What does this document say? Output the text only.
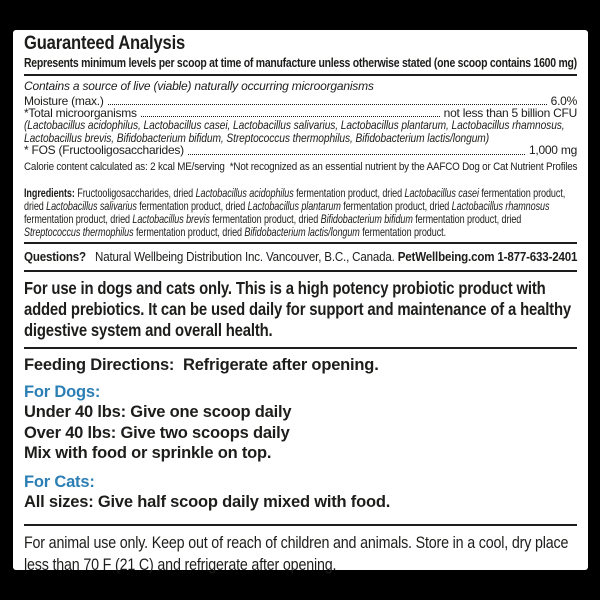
Guaranteed Analysis
Represents minimum levels per scoop at time of manufacture unless otherwise stated (one scoop contains 1600 mg)
Contains a source of live (viable) naturally occurring microorganisms
Moisture (max.)	6.0%
*Total microorganisms	not less than 5 billion CFU
(Lactobacillus acidophilus, Lactobacillus casei, Lactobacillus salivarius, Lactobacillus plantarum, Lactobacillus rhamnosus, Lactobacillus brevis, Bifidobacterium bifidum, Streptococcus thermophilus, Bifidobacterium lactis/longum)
* FOS (Fructooligosaccharides)	1,000 mg
Calorie content calculated as: 2 kcal ME/serving  *Not recognized as an essential nutrient by the AAFCO Dog or Cat Nutrient Profiles
Ingredients: Fructooligosaccharides, dried Lactobacillus acidophilus fermentation product, dried Lactobacillus casei fermentation product, dried Lactobacillus salivarius fermentation product, dried Lactobacillus plantarum fermentation product, dried Lactobacillus rhamnosus fermentation product, dried Lactobacillus brevis fermentation product, dried Bifidobacterium bifidum fermentation product, dried Streptococcus thermophilus fermentation product, dried Bifidobacterium lactis/longum fermentation product.
Questions?   Natural Wellbeing Distribution Inc. Vancouver, B.C., Canada. PetWellbeing.com 1-877-633-2401
For use in dogs and cats only. This is a high potency probiotic product with added prebiotics. It can be used daily for support and maintenance of a healthy digestive system and overall health.
Feeding Directions:  Refrigerate after opening.
For Dogs:
Under 40 lbs: Give one scoop daily
Over 40 lbs: Give two scoops daily
Mix with food or sprinkle on top.
For Cats:
All sizes: Give half scoop daily mixed with food.
For animal use only. Keep out of reach of children and animals. Store in a cool, dry place less than 70 F (21 C) and refrigerate after opening.
